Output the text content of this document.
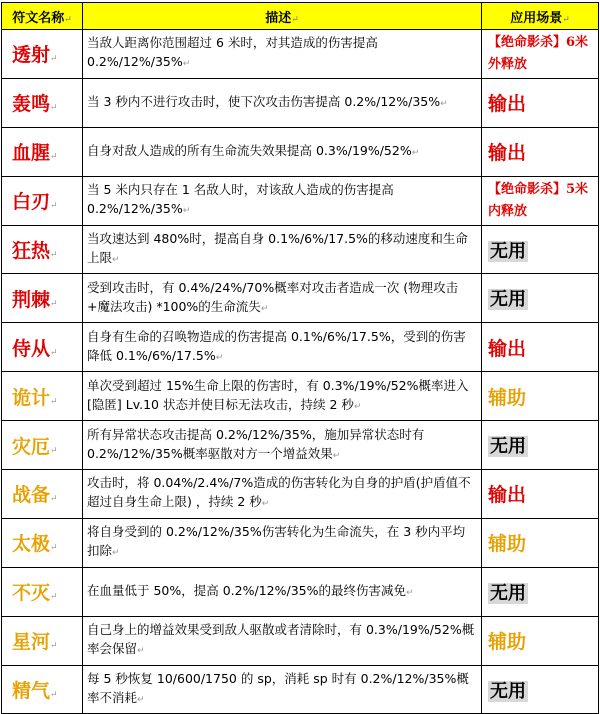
符文名称↵	描述↵	应用场景↵

透射↵	当敌人距离你范围超过 6 米时，对其造成的伤害提高 0.2%/12%/35%↵	【绝命影杀】6米外释放

轰鸣↵	当 3 秒内不进行攻击时，使下次攻击伤害提高 0.2%/12%/35%↵	输出
血腥↵	自身对敌人造成的所有生命流失效果提高 0.3%/19%/52%↵	输出
白刃↵	当 5 米内只存在 1 名敌人时，对该敌人造成的伤害提高 0.2%/12%/35%↵	【绝命影杀】5米内释放

狂热↵	当攻速达到 480%时，提高自身 0.1%/6%/17.5%的移动速度和生命上限↵	无用
荆棘↵	受到攻击时，有 0.4%/24%/70%概率对攻击者造成一次 (物理攻击+魔法攻击) *100%的生命流失↵	无用
侍从↵	自身有生命的召唤物造成的伤害提高 0.1%/6%/17.5%，受到的伤害降低 0.1%/6%/17.5%↵	输出
诡计↵	单次受到超过 15%生命上限的伤害时，有 0.3%/19%/52%概率进入[隐匿] Lv.10 状态并使目标无法攻击，持续 2 秒↵	辅助
灾厄↵	所有异常状态攻击提高 0.2%/12%/35%，施加异常状态时有 0.2%/12%/35%概率驱散对方一个增益效果↵	无用
战备↵	攻击时，将 0.04%/2.4%/7%造成的伤害转化为自身的护盾(护盾值不超过自身生命上限) ，持续 2 秒↵	输出
太极↵	将自身受到的 0.2%/12%/35%伤害转化为生命流失，在 3 秒内平均扣除↵	辅助
不灭↵	在血量低于 50%，提高 0.2%/12%/35%的最终伤害减免↵	无用
星河↵	自己身上的增益效果受到敌人驱散或者清除时，有 0.3%/19%/52%概率会保留↵	辅助
精气↵	每 5 秒恢复 10/600/1750 的 sp，消耗 sp 时有 0.2%/12%/35%概率不消耗↵	无用
